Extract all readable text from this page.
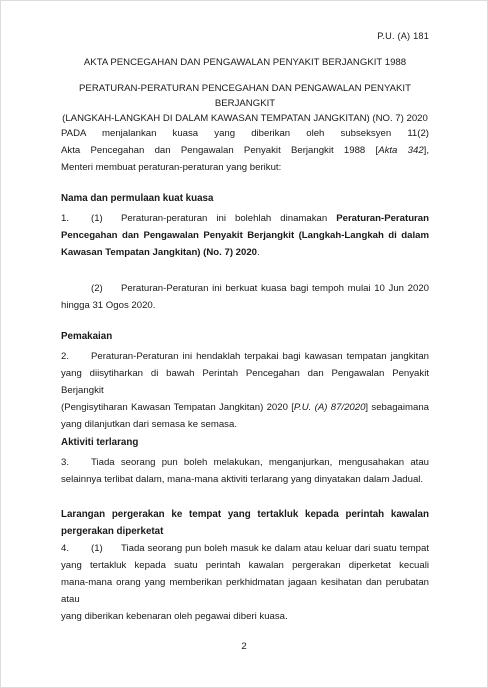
P.U. (A) 181
AKTA PENCEGAHAN DAN PENGAWALAN PENYAKIT BERJANGKIT 1988
PERATURAN-PERATURAN PENCEGAHAN DAN PENGAWALAN PENYAKIT BERJANGKIT
(LANGKAH-LANGKAH DI DALAM KAWASAN TEMPATAN JANGKITAN) (NO. 7) 2020
PADA menjalankan kuasa yang diberikan oleh subseksyen 11(2)
Akta Pencegahan dan Pengawalan Penyakit Berjangkit 1988 [Akta 342],
Menteri membuat peraturan-peraturan yang berikut:
Nama dan permulaan kuat kuasa
1. (1) Peraturan-peraturan ini bolehlah dinamakan Peraturan-Peraturan
Pencegahan dan Pengawalan Penyakit Berjangkit (Langkah-Langkah di dalam
Kawasan Tempatan Jangkitan) (No. 7) 2020.
(2) Peraturan-Peraturan ini berkuat kuasa bagi tempoh mulai 10 Jun 2020
hingga 31 Ogos 2020.
Pemakaian
2. Peraturan-Peraturan ini hendaklah terpakai bagi kawasan tempatan jangkitan
yang diisytiharkan di bawah Perintah Pencegahan dan Pengawalan Penyakit Berjangkit
(Pengisytiharan Kawasan Tempatan Jangkitan) 2020 [P.U. (A) 87/2020] sebagaimana
yang dilanjutkan dari semasa ke semasa.
Aktiviti terlarang
3. Tiada seorang pun boleh melakukan, menganjurkan, mengusahakan atau
selainnya terlibat dalam, mana-mana aktiviti terlarang yang dinyatakan dalam Jadual.
Larangan pergerakan ke tempat yang tertakluk kepada perintah kawalan
pergerakan diperketat
4. (1) Tiada seorang pun boleh masuk ke dalam atau keluar dari suatu tempat
yang tertakluk kepada suatu perintah kawalan pergerakan diperketat kecuali
mana-mana orang yang memberikan perkhidmatan jagaan kesihatan dan perubatan atau
yang diberikan kebenaran oleh pegawai diberi kuasa.
2
